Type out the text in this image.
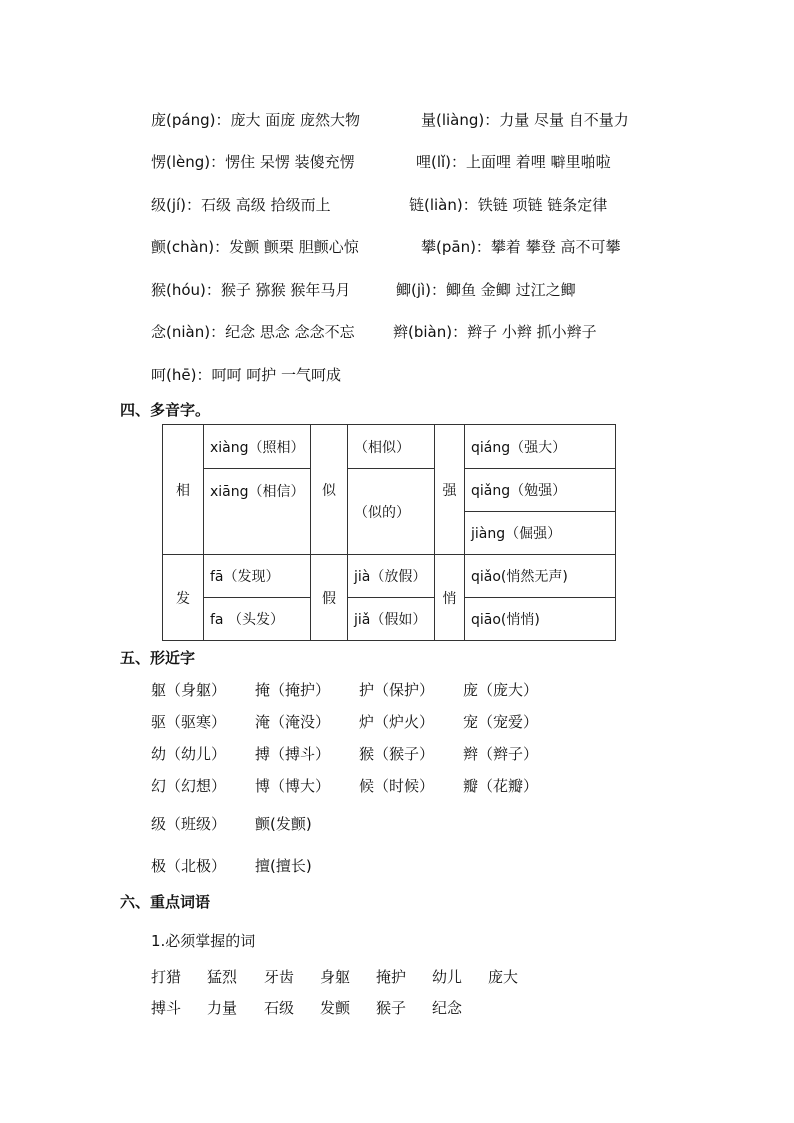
庞(páng)：庞大 面庞 庞然大物	量(liàng)：力量 尽量 自不量力
愣(lèng)：愣住 呆愣 装傻充愣	哩(lǐ)：上面哩 着哩 噼里啪啦
级(jí)：石级 高级 拾级而上	链(liàn)：铁链 项链 链条定律
颤(chàn)：发颤 颤栗 胆颤心惊	攀(pān)：攀着 攀登 高不可攀
猴(hóu)：猴子 猕猴 猴年马月	鲫(jì)：鲫鱼 金鲫 过江之鲫
念(niàn)：纪念 思念 念念不忘	辫(biàn)：辫子 小辫 抓小辫子
呵(hē)：呵呵 呵护 一气呵成
四、多音字。
相	xiàng（照相）	似	（相似）	强	qiáng（强大）
	xiāng（相信）		（似的）		qiǎng（勉强）
					jiàng（倔强）
发	fā（发现）	假	jià（放假）	悄	qiǎo(悄然无声)
	fa （头发）		jiǎ（假如）		qiāo(悄悄)
五、形近字
躯（身躯） 掩（掩护） 护（保护） 庞（庞大）
驱（驱寒） 淹（淹没） 炉（炉火） 宠（宠爱）
幼（幼儿） 搏（搏斗） 猴（猴子） 辫（辫子）
幻（幻想） 博（博大） 候（时候） 瓣（花瓣）
级（班级） 颤(发颤)
极（北极） 擅(擅长)
六、重点词语
1.必须掌握的词
打猎 猛烈 牙齿 身躯 掩护 幼儿 庞大
搏斗 力量 石级 发颤 猴子 纪念
